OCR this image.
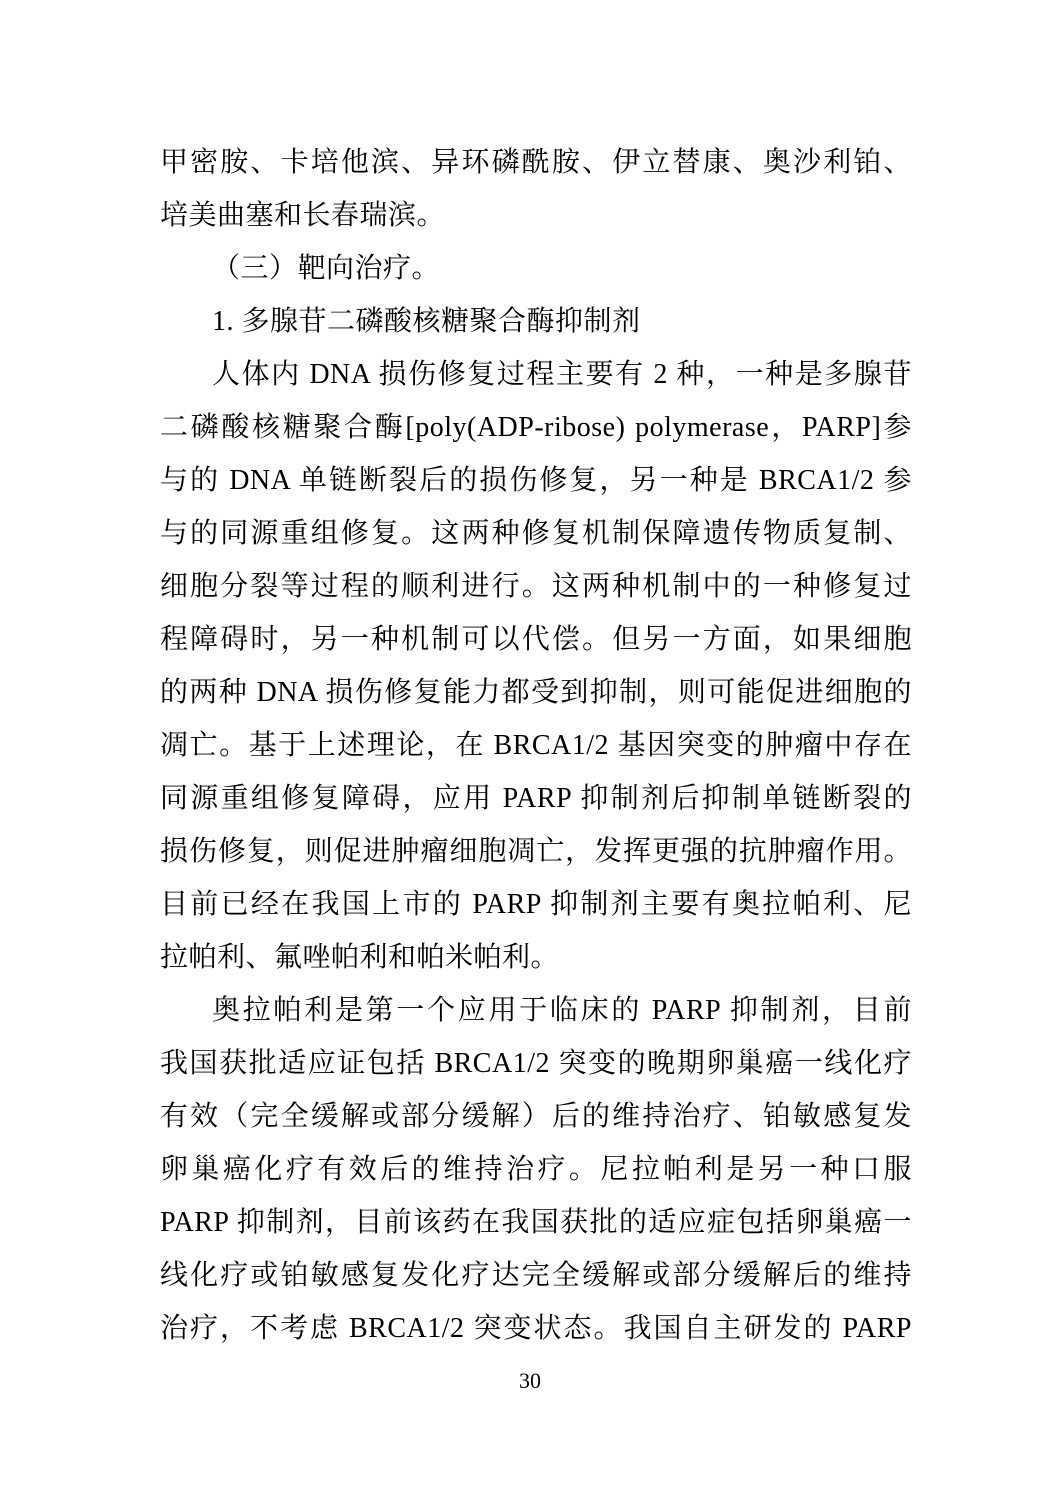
甲密胺、卡培他滨、异环磷酰胺、伊立替康、奥沙利铂、
培美曲塞和长春瑞滨。
（三）靶向治疗。
1. 多腺苷二磷酸核糖聚合酶抑制剂
人体内 DNA 损伤修复过程主要有 2 种，一种是多腺苷
二磷酸核糖聚合酶[poly(ADP-ribose) polymerase，PARP]参
与的 DNA 单链断裂后的损伤修复，另一种是 BRCA1/2 参
与的同源重组修复。这两种修复机制保障遗传物质复制、
细胞分裂等过程的顺利进行。这两种机制中的一种修复过
程障碍时，另一种机制可以代偿。但另一方面，如果细胞
的两种 DNA 损伤修复能力都受到抑制，则可能促进细胞的
凋亡。基于上述理论，在 BRCA1/2 基因突变的肿瘤中存在
同源重组修复障碍，应用 PARP 抑制剂后抑制单链断裂的
损伤修复，则促进肿瘤细胞凋亡，发挥更强的抗肿瘤作用。
目前已经在我国上市的 PARP 抑制剂主要有奥拉帕利、尼
拉帕利、氟唑帕利和帕米帕利。
奥拉帕利是第一个应用于临床的 PARP 抑制剂，目前
我国获批适应证包括 BRCA1/2 突变的晚期卵巢癌一线化疗
有效（完全缓解或部分缓解）后的维持治疗、铂敏感复发
卵巢癌化疗有效后的维持治疗。尼拉帕利是另一种口服
PARP 抑制剂，目前该药在我国获批的适应症包括卵巢癌一
线化疗或铂敏感复发化疗达完全缓解或部分缓解后的维持
治疗，不考虑 BRCA1/2 突变状态。我国自主研发的 PARP
30
